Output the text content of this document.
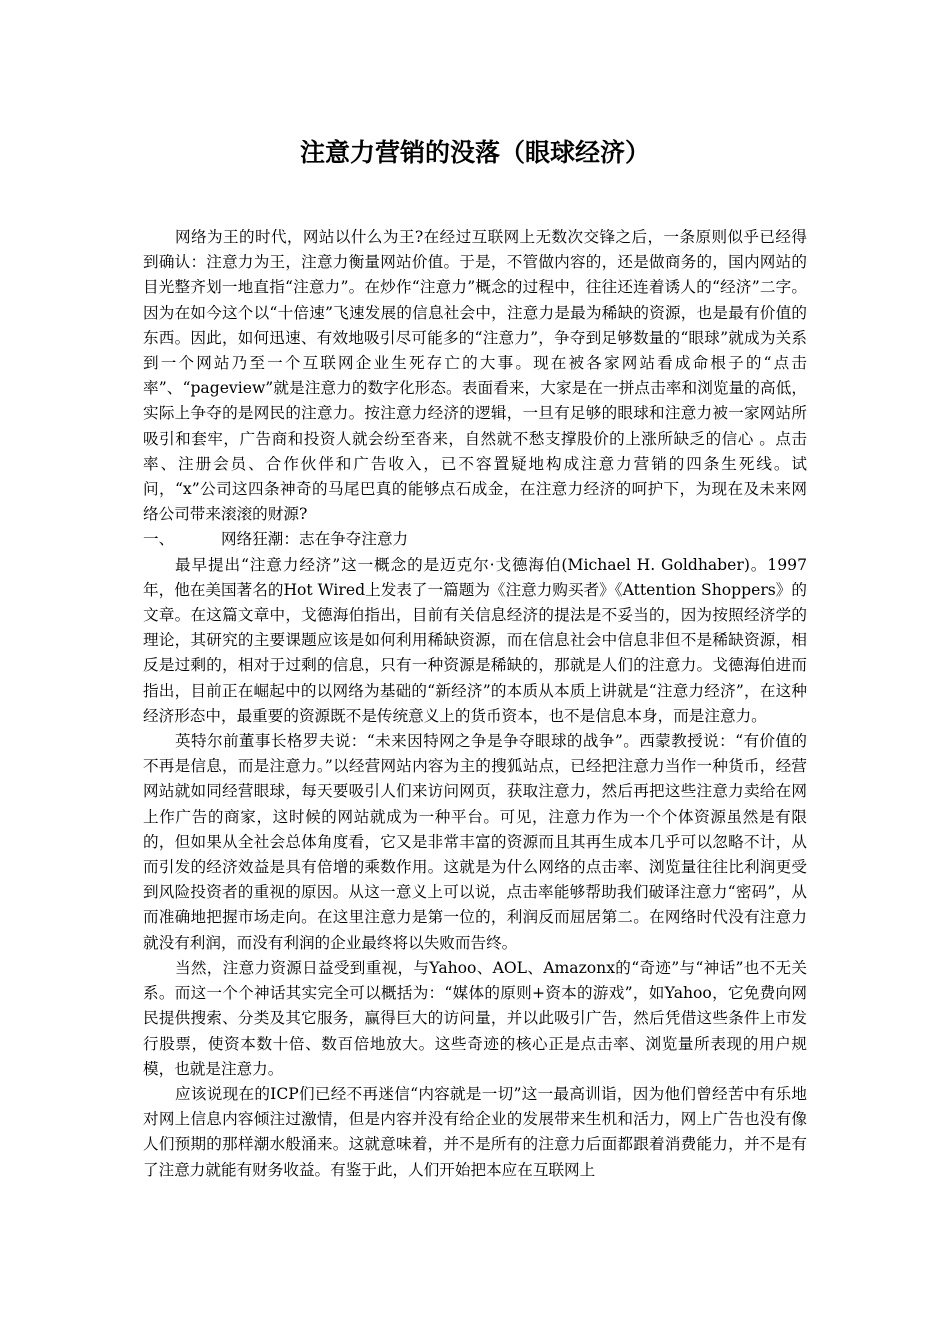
注意力营销的没落（眼球经济）

网络为王的时代，网站以什么为王?在经过互联网上无数次交锋之后，一条原则似乎已经得到确认：注意力为王，注意力衡量网站价值。于是，不管做内容的，还是做商务的，国内网站的目光整齐划一地直指“注意力”。在炒作“注意力”概念的过程中，往往还连着诱人的“经济”二字。因为在如今这个以“十倍速”飞速发展的信息社会中，注意力是最为稀缺的资源，也是最有价值的东西。因此，如何迅速、有效地吸引尽可能多的“注意力”，争夺到足够数量的“眼球”就成为关系到一个网站乃至一个互联网企业生死存亡的大事。现在被各家网站看成命根子的“点击率”、“pageview”就是注意力的数字化形态。表面看来，大家是在一拼点击率和浏览量的高低，实际上争夺的是网民的注意力。按注意力经济的逻辑，一旦有足够的眼球和注意力被一家网站所吸引和套牢，广告商和投资人就会纷至沓来，自然就不愁支撑股价的上涨所缺乏的信心 。点击率、注册会员、合作伙伴和广告收入，已不容置疑地构成注意力营销的四条生死线。试问，“x”公司这四条神奇的马尾巴真的能够点石成金，在注意力经济的呵护下，为现在及未来网络公司带来滚滚的财源?

一、	网络狂潮：志在争夺注意力

最早提出“注意力经济”这一概念的是迈克尔·戈德海伯(Michael H. Goldhaber)。1997年，他在美国著名的Hot Wired上发表了一篇题为《注意力购买者》《Attention Shoppers》的文章。在这篇文章中，戈德海伯指出，目前有关信息经济的提法是不妥当的，因为按照经济学的理论，其研究的主要课题应该是如何利用稀缺资源，而在信息社会中信息非但不是稀缺资源，相反是过剩的，相对于过剩的信息，只有一种资源是稀缺的，那就是人们的注意力。戈德海伯进而指出，目前正在崛起中的以网络为基础的“新经济”的本质从本质上讲就是“注意力经济”，在这种经济形态中，最重要的资源既不是传统意义上的货币资本，也不是信息本身，而是注意力。

英特尔前董事长格罗夫说：“未来因特网之争是争夺眼球的战争”。西蒙教授说：“有价值的不再是信息，而是注意力。”以经营网站内容为主的搜狐站点，已经把注意力当作一种货币，经营网站就如同经营眼球，每天要吸引人们来访问网页，获取注意力，然后再把这些注意力卖给在网上作广告的商家，这时候的网站就成为一种平台。可见，注意力作为一个个体资源虽然是有限的，但如果从全社会总体角度看，它又是非常丰富的资源而且其再生成本几乎可以忽略不计，从而引发的经济效益是具有倍增的乘数作用。这就是为什么网络的点击率、浏览量往往比利润更受到风险投资者的重视的原因。从这一意义上可以说，点击率能够帮助我们破译注意力“密码”，从而准确地把握市场走向。在这里注意力是第一位的，利润反而屈居第二。在网络时代没有注意力就没有利润，而没有利润的企业最终将以失败而告终。

当然，注意力资源日益受到重视，与Yahoo、AOL、Amazonx的“奇迹”与“神话”也不无关系。而这一个个神话其实完全可以概括为：“媒体的原则+资本的游戏”，如Yahoo，它免费向网民提供搜索、分类及其它服务，赢得巨大的访问量，并以此吸引广告，然后凭借这些条件上市发行股票，使资本数十倍、数百倍地放大。这些奇迹的核心正是点击率、浏览量所表现的用户规模，也就是注意力。

应该说现在的ICP们已经不再迷信“内容就是一切”这一最高训诣，因为他们曾经苦中有乐地对网上信息内容倾注过激情，但是内容并没有给企业的发展带来生机和活力，网上广告也没有像人们预期的那样潮水般涌来。这就意味着，并不是所有的注意力后面都跟着消费能力，并不是有了注意力就能有财务收益。有鉴于此，人们开始把本应在互联网上
